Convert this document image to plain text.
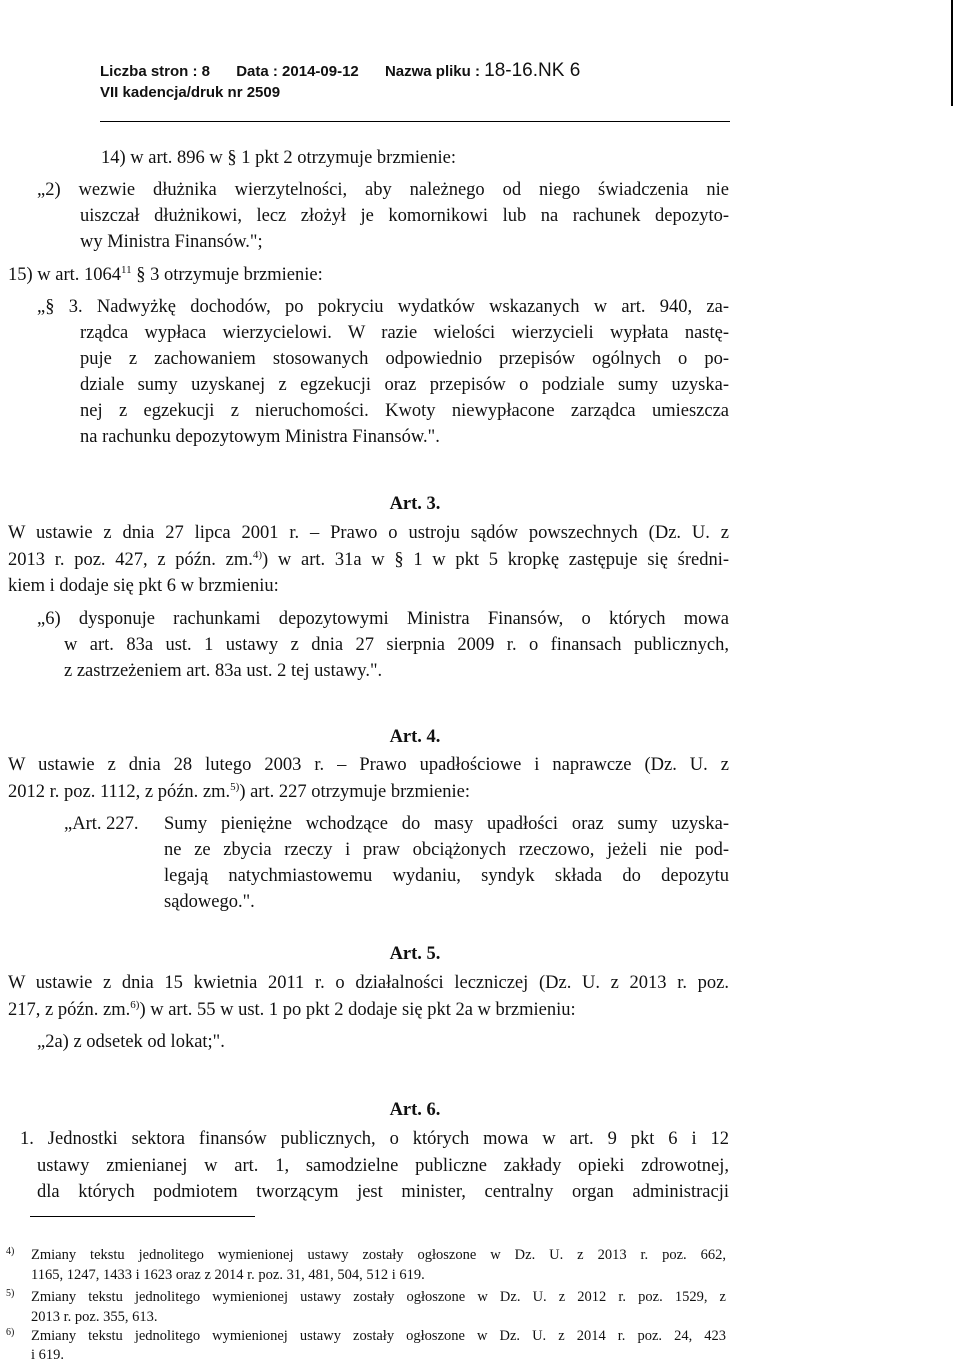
Liczba stron : 8 Data : 2014-09-12 Nazwa pliku : 18-16.NK 6
VII kadencja/druk nr 2509
14) w art. 896 w § 1 pkt 2 otrzymuje brzmienie:
„2) wezwie dłużnika wierzytelności, aby należnego od niego świadczenia nie
uiszczał dłużnikowi, lecz złożył je komornikowi lub na rachunek depozyto-
wy Ministra Finansów.";
15) w art. 1064$^{11}$ § 3 otrzymuje brzmienie:
„§ 3. Nadwyżkę dochodów, po pokryciu wydatków wskazanych w art. 940, za-
rządca wypłaca wierzycielowi. W razie wielości wierzycieli wypłata nastę-
puje z zachowaniem stosowanych odpowiednio przepisów ogólnych o po-
dziale sumy uzyskanej z egzekucji oraz przepisów o podziale sumy uzyska-
nej z egzekucji z nieruchomości. Kwoty niewypłacone zarządca umieszcza
na rachunku depozytowym Ministra Finansów.".
Art. 3.
W ustawie z dnia 27 lipca 2001 r. – Prawo o ustroju sądów powszechnych (Dz. U. z
2013 r. poz. 427, z późn. zm.$^{4)}$) w art. 31a w § 1 w pkt 5 kropkę zastępuje się średni-
kiem i dodaje się pkt 6 w brzmieniu:
„6) dysponuje rachunkami depozytowymi Ministra Finansów, o których mowa
w art. 83a ust. 1 ustawy z dnia 27 sierpnia 2009 r. o finansach publicznych,
z zastrzeżeniem art. 83a ust. 2 tej ustawy.".
Art. 4.
W ustawie z dnia 28 lutego 2003 r. – Prawo upadłościowe i naprawcze (Dz. U. z
2012 r. poz. 1112, z późn. zm.$^{5)}$) art. 227 otrzymuje brzmienie:
„Art. 227. Sumy pieniężne wchodzące do masy upadłości oraz sumy uzyska-
ne ze zbycia rzeczy i praw obciążonych rzeczowo, jeżeli nie pod-
legają natychmiastowemu wydaniu, syndyk składa do depozytu
sądowego.".
Art. 5.
W ustawie z dnia 15 kwietnia 2011 r. o działalności leczniczej (Dz. U. z 2013 r. poz.
217, z późn. zm.$^{6)}$) w art. 55 w ust. 1 po pkt 2 dodaje się pkt 2a w brzmieniu:
„2a) z odsetek od lokat;".
Art. 6.
1. Jednostki sektora finansów publicznych, o których mowa w art. 9 pkt 6 i 12
ustawy zmienianej w art. 1, samodzielne publiczne zakłady opieki zdrowotnej,
dla których podmiotem tworzącym jest minister, centralny organ administracji
4) Zmiany tekstu jednolitego wymienionej ustawy zostały ogłoszone w Dz. U. z 2013 r. poz. 662,
1165, 1247, 1433 i 1623 oraz z 2014 r. poz. 31, 481, 504, 512 i 619.
5) Zmiany tekstu jednolitego wymienionej ustawy zostały ogłoszone w Dz. U. z 2012 r. poz. 1529, z
2013 r. poz. 355, 613.
6) Zmiany tekstu jednolitego wymienionej ustawy zostały ogłoszone w Dz. U. z 2014 r. poz. 24, 423
i 619.
